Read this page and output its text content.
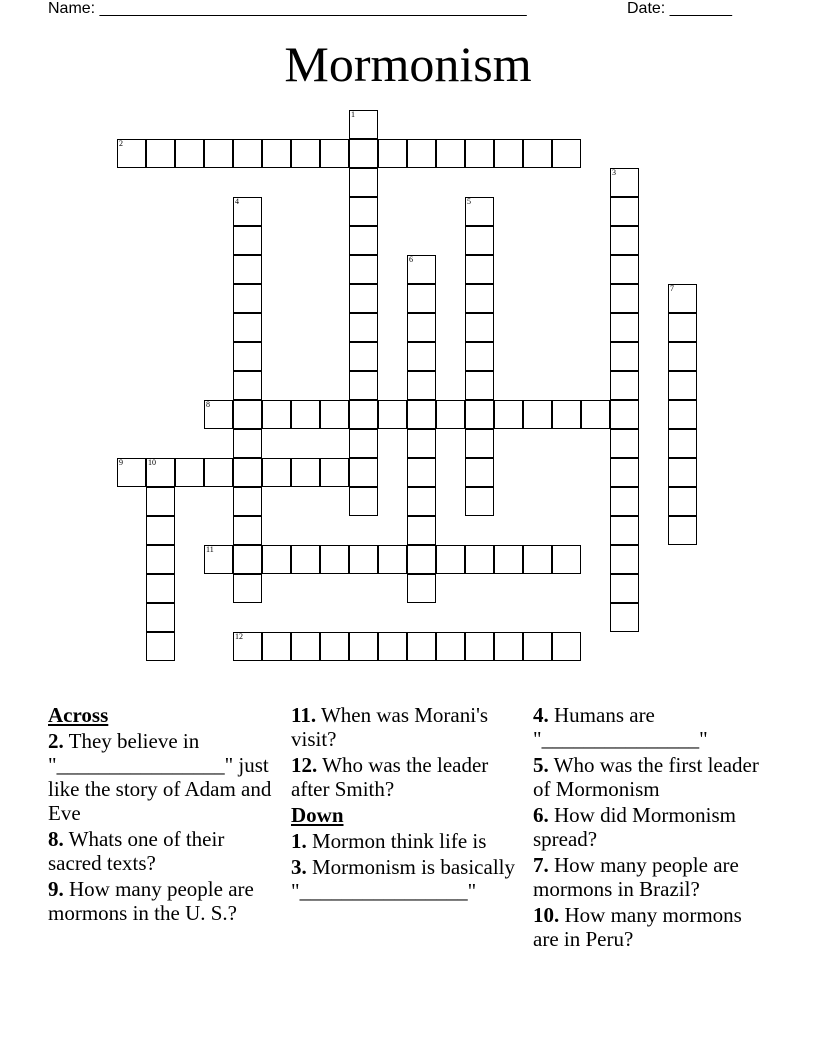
Name: ________________________________________________	Date: _______
Mormonism
1
2
3
4	5
6
7
8
9	10
11
12
Across
2. They believe in "________________" just like the story of Adam and Eve
8. Whats one of their sacred texts?
9. How many people are mormons in the U. S.?
11. When was Morani's visit?
12. Who was the leader after Smith?
Down
1. Mormon think life is
3. Mormonism is basically "________________"
4. Humans are "_______________"
5. Who was the first leader of Mormonism
6. How did Mormonism spread?
7. How many people are mormons in Brazil?
10. How many mormons are in Peru?
